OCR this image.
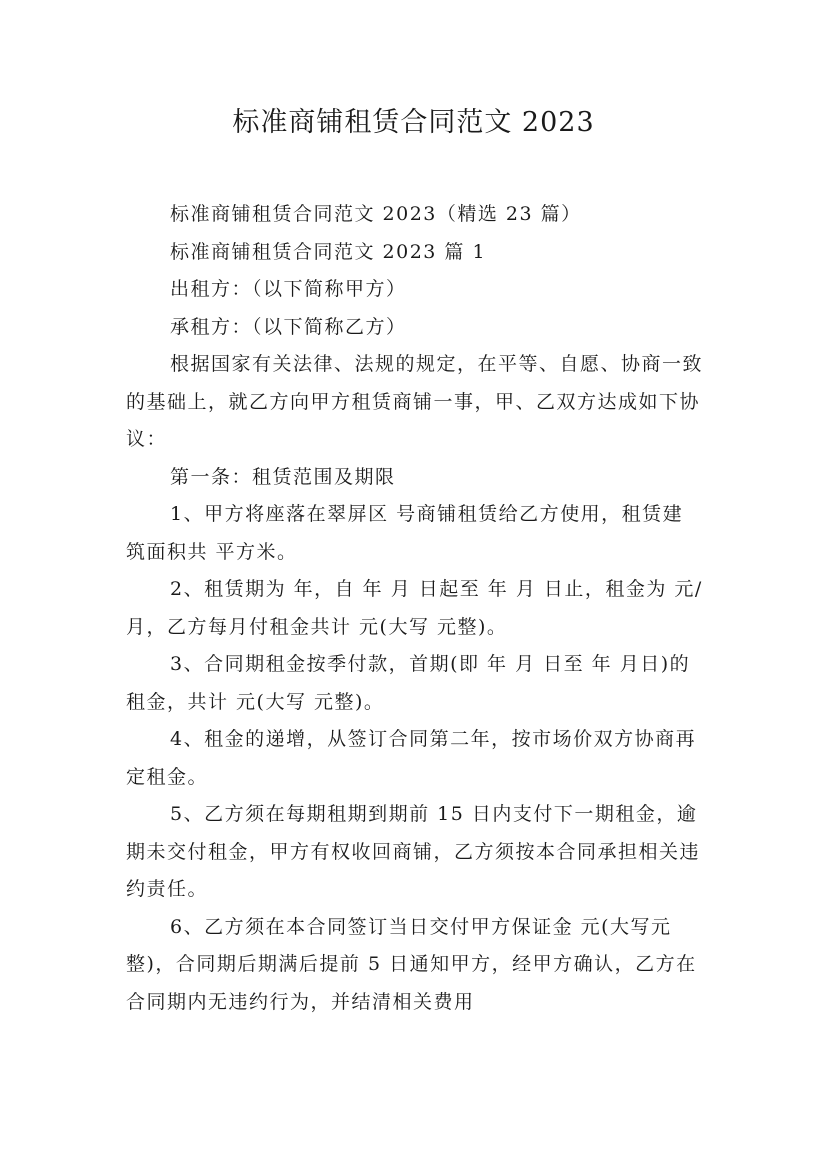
标准商铺租赁合同范文 2023

标准商铺租赁合同范文 2023（精选 23 篇）

标准商铺租赁合同范文 2023 篇 1

出租方：（以下简称甲方）

承租方：（以下简称乙方）

根据国家有关法律、法规的规定，在平等、自愿、协商一致的基础上，就乙方向甲方租赁商铺一事，甲、乙双方达成如下协议：

第一条：租赁范围及期限

1、甲方将座落在翠屏区 号商铺租赁给乙方使用，租赁建筑面积共 平方米。

2、租赁期为 年，自 年 月 日起至 年 月 日止，租金为 元/月，乙方每月付租金共计 元(大写 元整)。

3、合同期租金按季付款，首期(即 年 月 日至 年 月日)的租金，共计 元(大写 元整)。

4、租金的递增，从签订合同第二年，按市场价双方协商再定租金。

5、乙方须在每期租期到期前 15 日内支付下一期租金，逾期未交付租金，甲方有权收回商铺，乙方须按本合同承担相关违约责任。

6、乙方须在本合同签订当日交付甲方保证金 元(大写元整)，合同期后期满后提前 5 日通知甲方，经甲方确认，乙方在合同期内无违约行为，并结清相关费用
